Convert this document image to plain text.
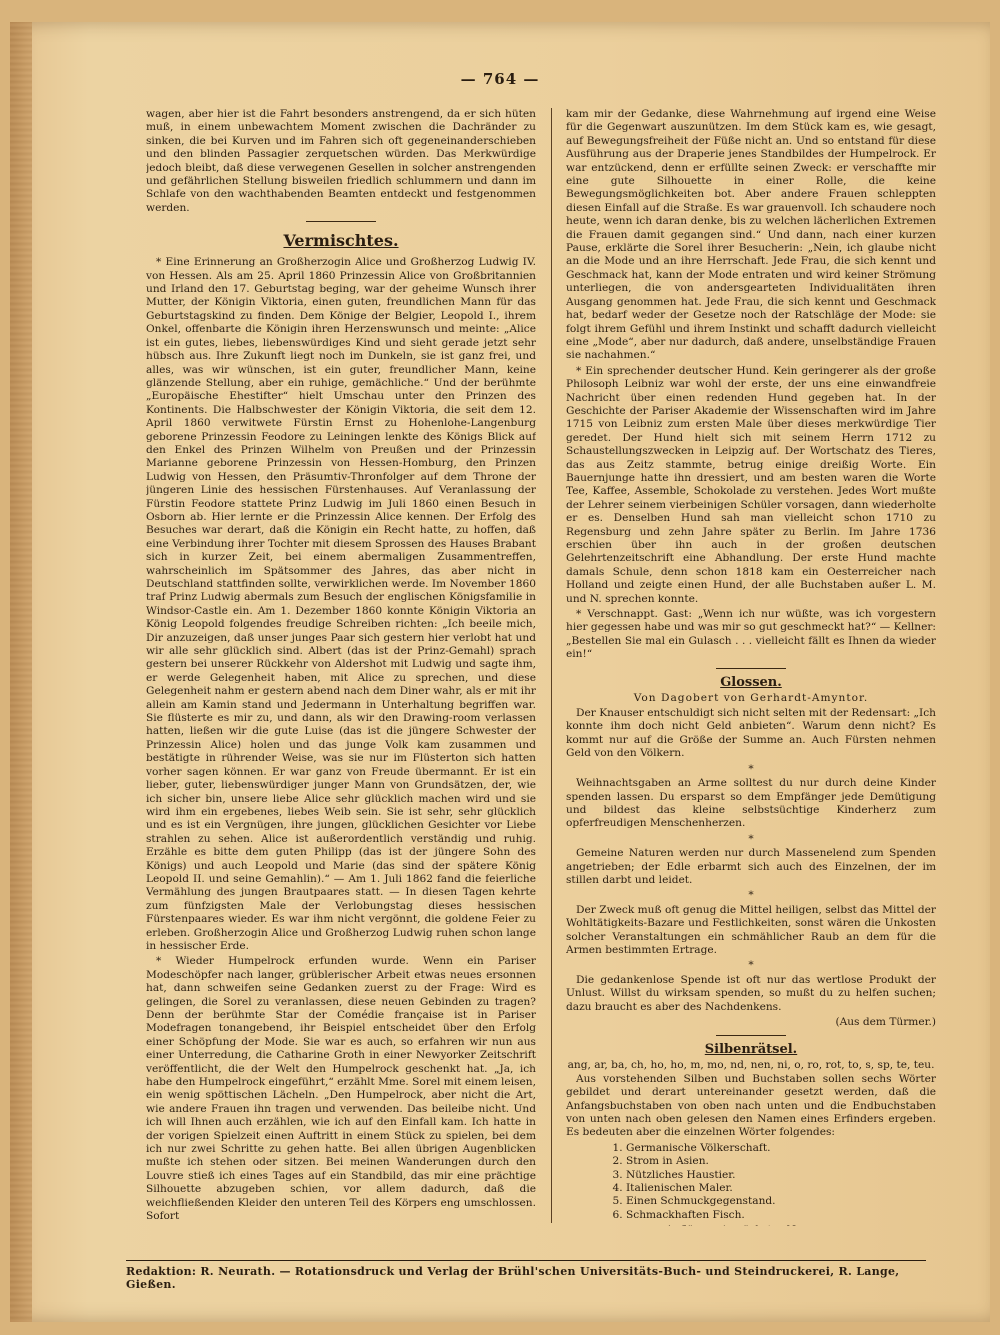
— 764 —

wagen, aber hier ist die Fahrt besonders anstrengend, da er sich hüten muß, in einem unbewachtem Moment zwischen die Dachränder zu sinken, die bei Kurven und im Fahren sich oft gegeneinanderschieben und den blinden Passagier zerquetschen würden. Das Merkwürdige jedoch bleibt, daß diese verwegenen Gesellen in solcher anstrengenden und gefährlichen Stellung bisweilen friedlich schlummern und dann im Schlafe von den wachthabenden Beamten entdeckt und festgenommen werden.

Vermischtes.

* Eine Erinnerung an Großherzogin Alice und Großherzog Ludwig IV. von Hessen. Als am 25. April 1860 Prinzessin Alice von Großbritannien und Irland den 17. Geburtstag beging, war der geheime Wunsch ihrer Mutter, der Königin Viktoria, einen guten, freundlichen Mann für das Geburtstagskind zu finden. Dem Könige der Belgier, Leopold I., ihrem Onkel, offenbarte die Königin ihren Herzenswunsch und meinte: „Alice ist ein gutes, liebes, liebenswürdiges Kind und sieht gerade jetzt sehr hübsch aus. Ihre Zukunft liegt noch im Dunkeln, sie ist ganz frei, und alles, was wir wünschen, ist ein guter, freundlicher Mann, keine glänzende Stellung, aber ein ruhige, gemächliche.“ Und der berühmte „Europäische Ehestifter“ hielt Umschau unter den Prinzen des Kontinents. Die Halbschwester der Königin Viktoria, die seit dem 12. April 1860 verwitwete Fürstin Ernst zu Hohenlohe-Langenburg geborene Prinzessin Feodore zu Leiningen lenkte des Königs Blick auf den Enkel des Prinzen Wilhelm von Preußen und der Prinzessin Marianne geborene Prinzessin von Hessen-Homburg, den Prinzen Ludwig von Hessen, den Präsumtiv-Thronfolger auf dem Throne der jüngeren Linie des hessischen Fürstenhauses. Auf Veranlassung der Fürstin Feodore stattete Prinz Ludwig im Juli 1860 einen Besuch in Osborn ab. Hier lernte er die Prinzessin Alice kennen. Der Erfolg des Besuches war derart, daß die Königin ein Recht hatte, zu hoffen, daß eine Verbindung ihrer Tochter mit diesem Sprossen des Hauses Brabant sich in kurzer Zeit, bei einem abermaligen Zusammentreffen, wahrscheinlich im Spätsommer des Jahres, das aber nicht in Deutschland stattfinden sollte, verwirklichen werde. Im November 1860 traf Prinz Ludwig abermals zum Besuch der englischen Königsfamilie in Windsor-Castle ein. Am 1. Dezember 1860 konnte Königin Viktoria an König Leopold folgendes freudige Schreiben richten: „Ich beeile mich, Dir anzuzeigen, daß unser junges Paar sich gestern hier verlobt hat und wir alle sehr glücklich sind. Albert (das ist der Prinz-Gemahl) sprach gestern bei unserer Rückkehr von Aldershot mit Ludwig und sagte ihm, er werde Gelegenheit haben, mit Alice zu sprechen, und diese Gelegenheit nahm er gestern abend nach dem Diner wahr, als er mit ihr allein am Kamin stand und Jedermann in Unterhaltung begriffen war. Sie flüsterte es mir zu, und dann, als wir den Drawing-room verlassen hatten, ließen wir die gute Luise (das ist die jüngere Schwester der Prinzessin Alice) holen und das junge Volk kam zusammen und bestätigte in rührender Weise, was sie nur im Flüsterton sich hatten vorher sagen können. Er war ganz von Freude übermannt. Er ist ein lieber, guter, liebenswürdiger junger Mann von Grundsätzen, der, wie ich sicher bin, unsere liebe Alice sehr glücklich machen wird und sie wird ihm ein ergebenes, liebes Weib sein. Sie ist sehr, sehr glücklich und es ist ein Vergnügen, ihre jungen, glücklichen Gesichter vor Liebe strahlen zu sehen. Alice ist außerordentlich verständig und ruhig. Erzähle es bitte dem guten Philipp (das ist der jüngere Sohn des Königs) und auch Leopold und Marie (das sind der spätere König Leopold II. und seine Gemahlin).“ — Am 1. Juli 1862 fand die feierliche Vermählung des jungen Brautpaares statt. — In diesen Tagen kehrte zum fünfzigsten Male der Verlobungstag dieses hessischen Fürstenpaares wieder. Es war ihm nicht vergönnt, die goldene Feier zu erleben. Großherzogin Alice und Großherzog Ludwig ruhen schon lange in hessischer Erde.

* Wieder Humpelrock erfunden wurde. Wenn ein Pariser Modeschöpfer nach langer, grüblerischer Arbeit etwas neues ersonnen hat, dann schweifen seine Gedanken zuerst zu der Frage: Wird es gelingen, die Sorel zu veranlassen, diese neuen Gebinden zu tragen? Denn der berühmte Star der Comédie française ist in Pariser Modefragen tonangebend, ihr Beispiel entscheidet über den Erfolg einer Schöpfung der Mode. Sie war es auch, so erfahren wir nun aus einer Unterredung, die Catharine Groth in einer Newyorker Zeitschrift veröffentlicht, die der Welt den Humpelrock geschenkt hat. „Ja, ich habe den Humpelrock eingeführt,“ erzählt Mme. Sorel mit einem leisen, ein wenig spöttischen Lächeln. „Den Humpelrock, aber nicht die Art, wie andere Frauen ihn tragen und verwenden. Das beileibe nicht. Und ich will Ihnen auch erzählen, wie ich auf den Einfall kam. Ich hatte in der vorigen Spielzeit einen Auftritt in einem Stück zu spielen, bei dem ich nur zwei Schritte zu gehen hatte. Bei allen übrigen Augenblicken mußte ich stehen oder sitzen. Bei meinen Wanderungen durch den Louvre stieß ich eines Tages auf ein Standbild, das mir eine prächtige Silhouette abzugeben schien, vor allem dadurch, daß die weichfließenden Kleider den unteren Teil des Körpers eng umschlossen. Sofort

kam mir der Gedanke, diese Wahrnehmung auf irgend eine Weise für die Gegenwart auszunützen. Im dem Stück kam es, wie gesagt, auf Bewegungsfreiheit der Füße nicht an. Und so entstand für diese Ausführung aus der Draperie jenes Standbildes der Humpelrock. Er war entzückend, denn er erfüllte seinen Zweck: er verschaffte mir eine gute Silhouette in einer Rolle, die keine Bewegungsmöglichkeiten bot. Aber andere Frauen schleppten diesen Einfall auf die Straße. Es war grauenvoll. Ich schaudere noch heute, wenn ich daran denke, bis zu welchen lächerlichen Extremen die Frauen damit gegangen sind.“ Und dann, nach einer kurzen Pause, erklärte die Sorel ihrer Besucherin: „Nein, ich glaube nicht an die Mode und an ihre Herrschaft. Jede Frau, die sich kennt und Geschmack hat, kann der Mode entraten und wird keiner Strömung unterliegen, die von andersgearteten Individualitäten ihren Ausgang genommen hat. Jede Frau, die sich kennt und Geschmack hat, bedarf weder der Gesetze noch der Ratschläge der Mode: sie folgt ihrem Gefühl und ihrem Instinkt und schafft dadurch vielleicht eine „Mode“, aber nur dadurch, daß andere, unselbständige Frauen sie nachahmen.“

* Ein sprechender deutscher Hund. Kein geringerer als der große Philosoph Leibniz war wohl der erste, der uns eine einwandfreie Nachricht über einen redenden Hund gegeben hat. In der Geschichte der Pariser Akademie der Wissenschaften wird im Jahre 1715 von Leibniz zum ersten Male über dieses merkwürdige Tier geredet. Der Hund hielt sich mit seinem Herrn 1712 zu Schaustellungszwecken in Leipzig auf. Der Wortschatz des Tieres, das aus Zeitz stammte, betrug einige dreißig Worte. Ein Bauernjunge hatte ihn dressiert, und am besten waren die Worte Tee, Kaffee, Assemble, Schokolade zu verstehen. Jedes Wort mußte der Lehrer seinem vierbeinigen Schüler vorsagen, dann wiederholte er es. Denselben Hund sah man vielleicht schon 1710 zu Regensburg und zehn Jahre später zu Berlin. Im Jahre 1736 erschien über ihn auch in der großen deutschen Gelehrtenzeitschrift eine Abhandlung. Der erste Hund machte damals Schule, denn schon 1818 kam ein Oesterreicher nach Holland und zeigte einen Hund, der alle Buchstaben außer L. M. und N. sprechen konnte.

* Verschnappt. Gast: „Wenn ich nur wüßte, was ich vorgestern hier gegessen habe und was mir so gut geschmeckt hat?“ — Kellner: „Bestellen Sie mal ein Gulasch . . . vielleicht fällt es Ihnen da wieder ein!“

Glossen.
Von Dagobert von Gerhardt-Amyntor.

Der Knauser entschuldigt sich nicht selten mit der Redensart: „Ich konnte ihm doch nicht Geld anbieten“. Warum denn nicht? Es kommt nur auf die Größe der Summe an. Auch Fürsten nehmen Geld von den Völkern.

*

Weihnachtsgaben an Arme solltest du nur durch deine Kinder spenden lassen. Du ersparst so dem Empfänger jede Demütigung und bildest das kleine selbstsüchtige Kinderherz zum opferfreudigen Menschenherzen.

*

Gemeine Naturen werden nur durch Massenelend zum Spenden angetrieben; der Edle erbarmt sich auch des Einzelnen, der im stillen darbt und leidet.

*

Der Zweck muß oft genug die Mittel heiligen, selbst das Mittel der Wohltätigkeits-Bazare und Festlichkeiten, sonst wären die Unkosten solcher Veranstaltungen ein schmählicher Raub an dem für die Armen bestimmten Ertrage.

*

Die gedankenlose Spende ist oft nur das wertlose Produkt der Unlust. Willst du wirksam spenden, so mußt du zu helfen suchen; dazu braucht es aber des Nachdenkens.

(Aus dem Türmer.)
Silbenrätsel.
ang, ar, ba, ch, ho, ho, m, mo, nd, nen, ni, o, ro, rot, to, s, sp, te, teu.

Aus vorstehenden Silben und Buchstaben sollen sechs Wörter gebildet und derart untereinander gesetzt werden, daß die Anfangsbuchstaben von oben nach unten und die Endbuchstaben von unten nach oben gelesen den Namen eines Erfinders ergeben. Es bedeuten aber die einzelnen Wörter folgendes:

1. Germanische Völkerschaft.
2. Strom in Asien.
3. Nützliches Haustier.
4. Italienischen Maler.
5. Einen Schmuckgegenstand.
6. Schmackhaften Fisch.
Redaktion: R. Neurath. — Rotationsdruck und Verlag der Brühl'schen Universitäts-Buch- und Steindruckerei, R. Lange, Gießen.
